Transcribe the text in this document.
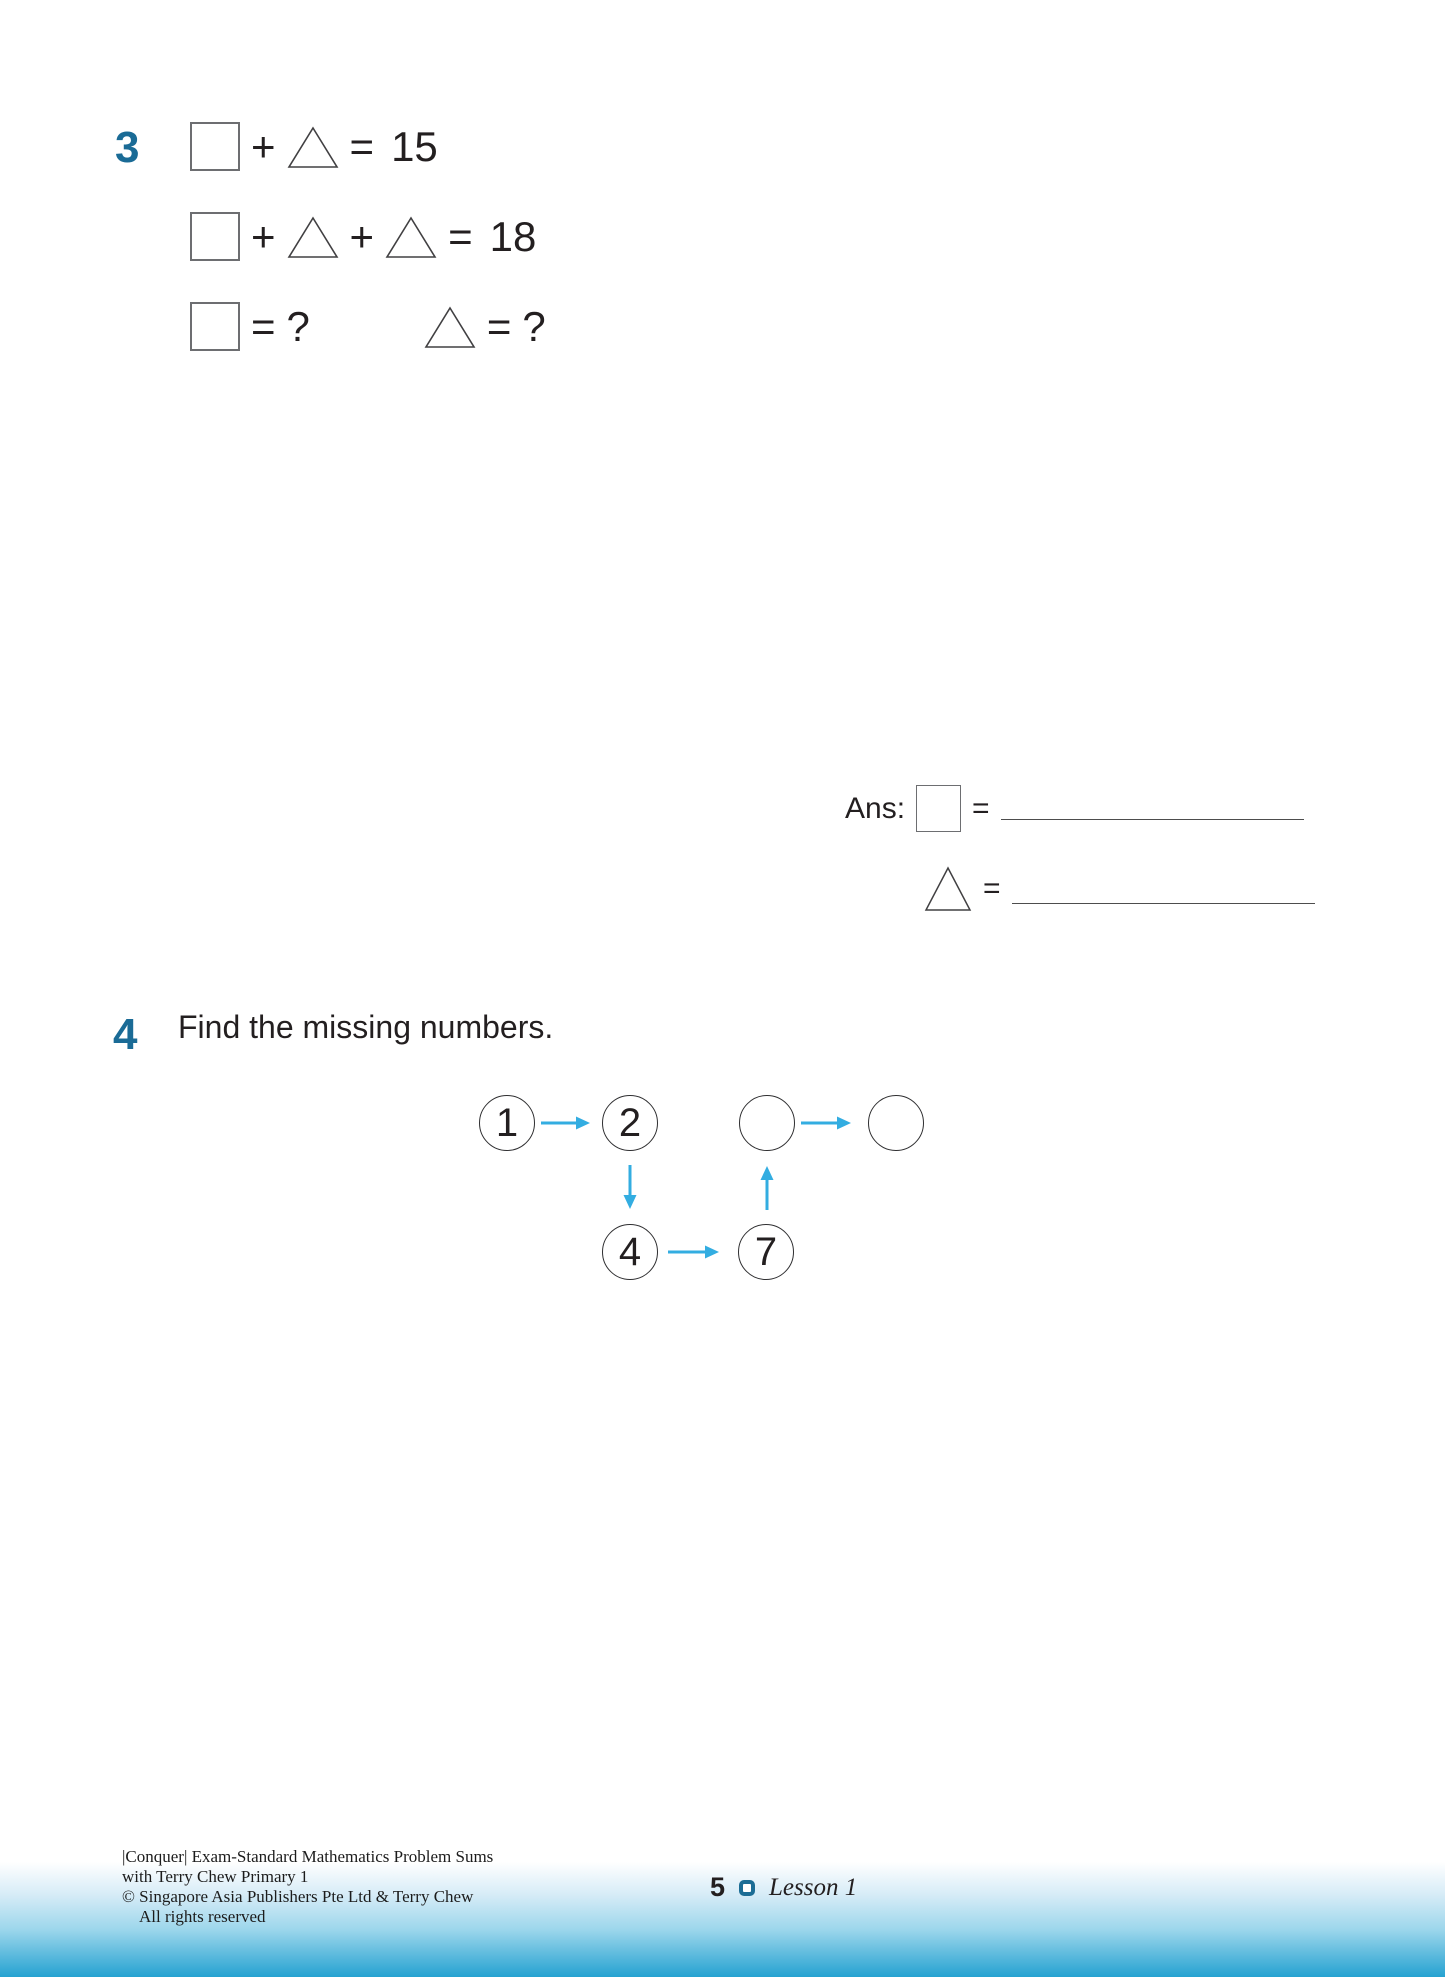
3	+ = 15
+ + = 18
= ?	= ?
Ans: =
=
4 Find the missing numbers.
1	2
4	7
|Conquer| Exam-Standard Mathematics Problem Sums
with Terry Chew Primary 1
© Singapore Asia Publishers Pte Ltd & Terry Chew
All rights reserved
5 Lesson 1
